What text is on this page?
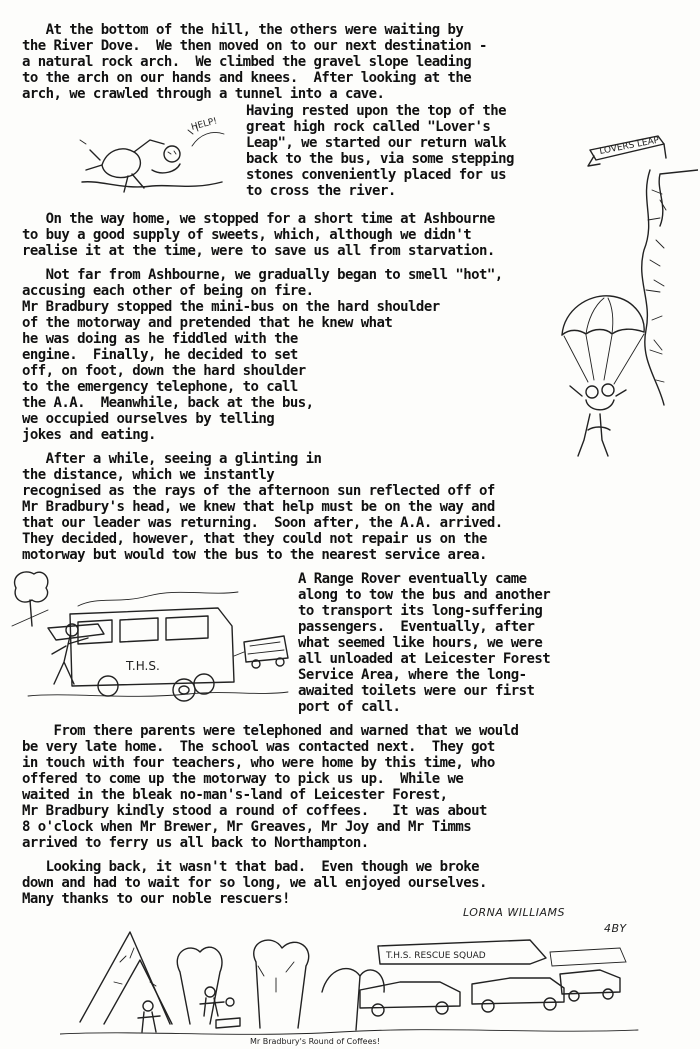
At the bottom of the hill, the others were waiting by
the River Dove.  We then moved on to our next destination -
a natural rock arch.  We climbed the gravel slope leading
to the arch on our hands and knees.  After looking at the
arch, we crawled through a tunnel into a cave.
Having rested upon the top of the
great high rock called "Lover's
Leap", we started our return walk
back to the bus, via some stepping
stones conveniently placed for us
to cross the river.
On the way home, we stopped for a short time at Ashbourne
to buy a good supply of sweets, which, although we didn't
realise it at the time, were to save us all from starvation.
Not far from Ashbourne, we gradually began to smell "hot",
accusing each other of being on fire.
Mr Bradbury stopped the mini-bus on the hard shoulder
of the motorway and pretended that he knew what
he was doing as he fiddled with the
engine.  Finally, he decided to set
off, on foot, down the hard shoulder
to the emergency telephone, to call
the A.A.  Meanwhile, back at the bus,
we occupied ourselves by telling
jokes and eating.
After a while, seeing a glinting in
the distance, which we instantly
recognised as the rays of the afternoon sun reflected off of
Mr Bradbury's head, we knew that help must be on the way and
that our leader was returning.  Soon after, the A.A. arrived.
They decided, however, that they could not repair us on the
motorway but would tow the bus to the nearest service area.
A Range Rover eventually came
along to tow the bus and another
to transport its long-suffering
passengers.  Eventually, after
what seemed like hours, we were
all unloaded at Leicester Forest
Service Area, where the long-
awaited toilets were our first
port of call.
From there parents were telephoned and warned that we would
be very late home.  The school was contacted next.  They got
in touch with four teachers, who were home by this time, who
offered to come up the motorway to pick us up.  While we
waited in the bleak no-man's-land of Leicester Forest,
Mr Bradbury kindly stood a round of coffees.   It was about
8 o'clock when Mr Brewer, Mr Greaves, Mr Joy and Mr Timms
arrived to ferry us all back to Northampton.
Looking back, it wasn't that bad.  Even though we broke
down and had to wait for so long, we all enjoyed ourselves.
Many thanks to our noble rescuers!
LORNA WILLIAMS
4BY
HELP!
LOVERS LEAP
T.H.S.
T.H.S. RESCUE SQUAD
Mr Bradbury's Round of Coffees!
